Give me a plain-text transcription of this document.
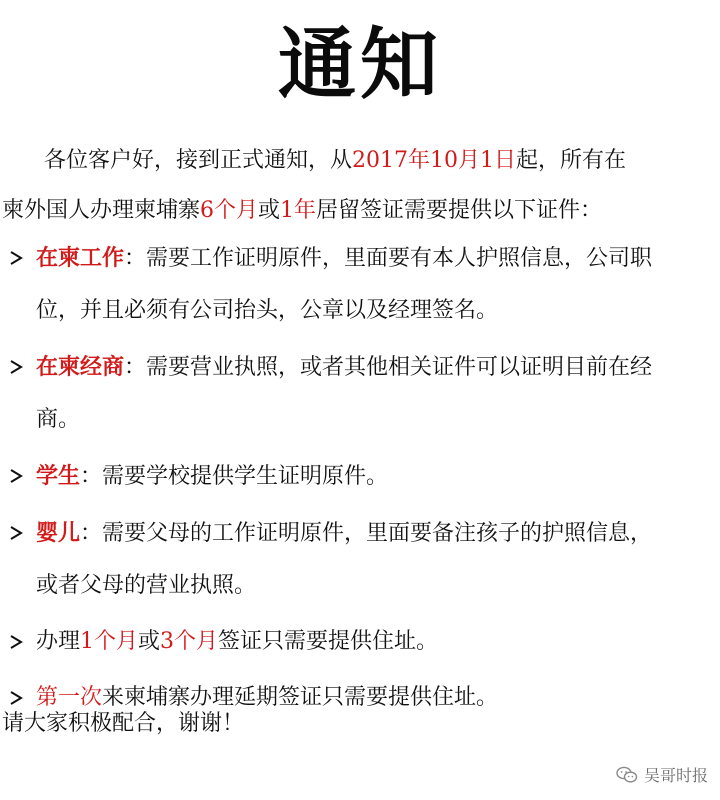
通知
各位客户好，接到正式通知，从2017年10月1日起，所有在
柬外国人办理柬埔寨6个月或1年居留签证需要提供以下证件：
在柬工作：需要工作证明原件，里面要有本人护照信息，公司职
位，并且必须有公司抬头，公章以及经理签名。
在柬经商：需要营业执照，或者其他相关证件可以证明目前在经
商。
学生：需要学校提供学生证明原件。
婴儿：需要父母的工作证明原件，里面要备注孩子的护照信息，
或者父母的营业执照。
办理1个月或3个月签证只需要提供住址。
第一次来柬埔寨办理延期签证只需要提供住址。
请大家积极配合，谢谢！
吴哥时报
